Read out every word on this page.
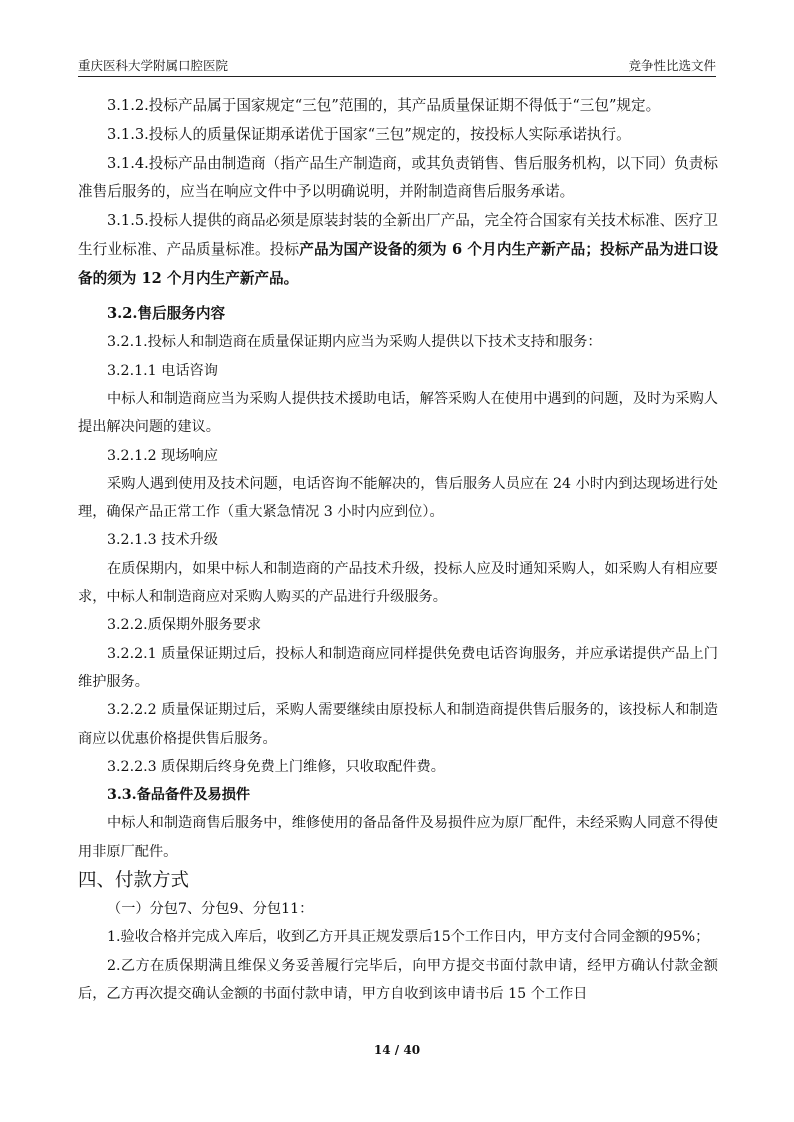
重庆医科大学附属口腔医院	竞争性比选文件

3.1.2.投标产品属于国家规定“三包”范围的，其产品质量保证期不得低于“三包”规定。

3.1.3.投标人的质量保证期承诺优于国家“三包”规定的，按投标人实际承诺执行。

3.1.4.投标产品由制造商（指产品生产制造商，或其负责销售、售后服务机构，以下同）负责标准售后服务的，应当在响应文件中予以明确说明，并附制造商售后服务承诺。

3.1.5.投标人提供的商品必须是原装封装的全新出厂产品，完全符合国家有关技术标准、医疗卫生行业标准、产品质量标准。投标产品为国产设备的须为 6 个月内生产新产品；投标产品为进口设备的须为 12 个月内生产新产品。

3.2.售后服务内容

3.2.1.投标人和制造商在质量保证期内应当为采购人提供以下技术支持和服务：

3.2.1.1 电话咨询

中标人和制造商应当为采购人提供技术援助电话，解答采购人在使用中遇到的问题，及时为采购人提出解决问题的建议。

3.2.1.2 现场响应

采购人遇到使用及技术问题，电话咨询不能解决的，售后服务人员应在 24 小时内到达现场进行处理，确保产品正常工作（重大紧急情况 3 小时内应到位）。

3.2.1.3 技术升级

在质保期内，如果中标人和制造商的产品技术升级，投标人应及时通知采购人，如采购人有相应要求，中标人和制造商应对采购人购买的产品进行升级服务。

3.2.2.质保期外服务要求

3.2.2.1 质量保证期过后，投标人和制造商应同样提供免费电话咨询服务，并应承诺提供产品上门维护服务。

3.2.2.2 质量保证期过后，采购人需要继续由原投标人和制造商提供售后服务的，该投标人和制造商应以优惠价格提供售后服务。

3.2.2.3 质保期后终身免费上门维修，只收取配件费。

3.3.备品备件及易损件

中标人和制造商售后服务中，维修使用的备品备件及易损件应为原厂配件，未经采购人同意不得使用非原厂配件。

四、付款方式

（一）分包7、分包9、分包11：

1.验收合格并完成入库后，收到乙方开具正规发票后15个工作日内，甲方支付合同金额的95%；

2.乙方在质保期满且维保义务妥善履行完毕后，向甲方提交书面付款申请，经甲方确认付款金额后，乙方再次提交确认金额的书面付款申请，甲方自收到该申请书后 15 个工作日

14 / 40
